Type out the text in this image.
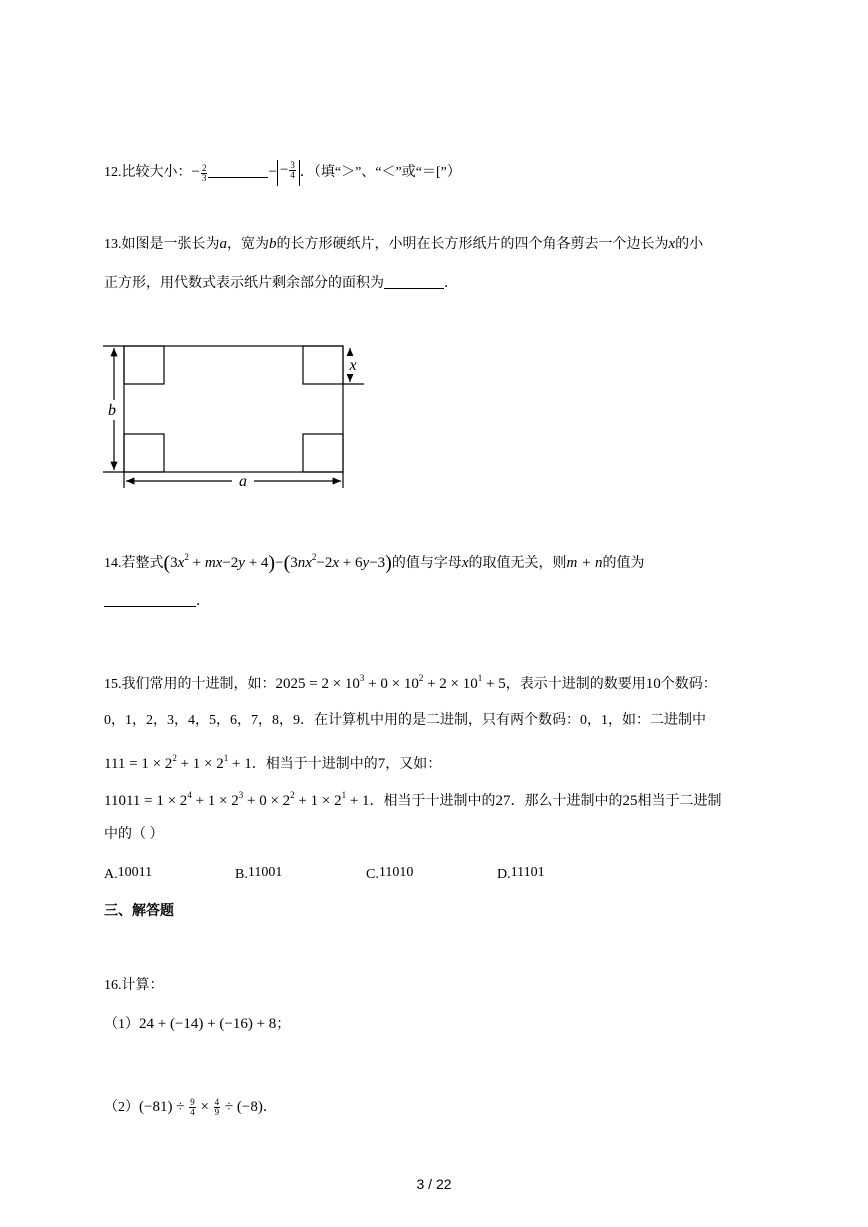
12.比较大小：− $\frac{2}{3}$	− − $\frac{3}{4}$ ．（填“＞”、“＜”或“＝[”）
13.如图是一张长为a，宽为b的长方形硬纸片，小明在长方形纸片的四个角各剪去一个边长为x的小
正方形，用代数式表示纸片剩余部分的面积为	．
a
x
b
14.若整式$(3x^2 + mx-2y + 4)-(3nx^2-2x + 6y-3)$的值与字母x的取值无关，则m + n的值为
．
15.我们常用的十进制，如：$2025 = 2 \times 10^3 + 0 \times 10^2 + 2 \times 10^1 + 5$，表示十进制的数要用10个数码：
0，1，2，3，4，5，6，7，8，9．在计算机中用的是二进制，只有两个数码：0，1，如：二进制中
$111 = 1 \times 2^2 + 1 \times 2^1 + 1$．相当于十进制中的7，又如：
$11011 = 1 \times 2^4 + 1 \times 2^3 + 0 \times 2^2 + 1 \times 2^1 + 1$．相当于十进制中的27．那么十进制中的25相当于二进制
中的（ ）
A.10011	B.11001	C.11010	D.11101
三、解答题
16.计算：
（1）24 + (−14) + (−16) + 8；
$(2)(-81) \div \frac{9}{4} \times \frac{4}{9} \div (-8)$．
3 / 22
